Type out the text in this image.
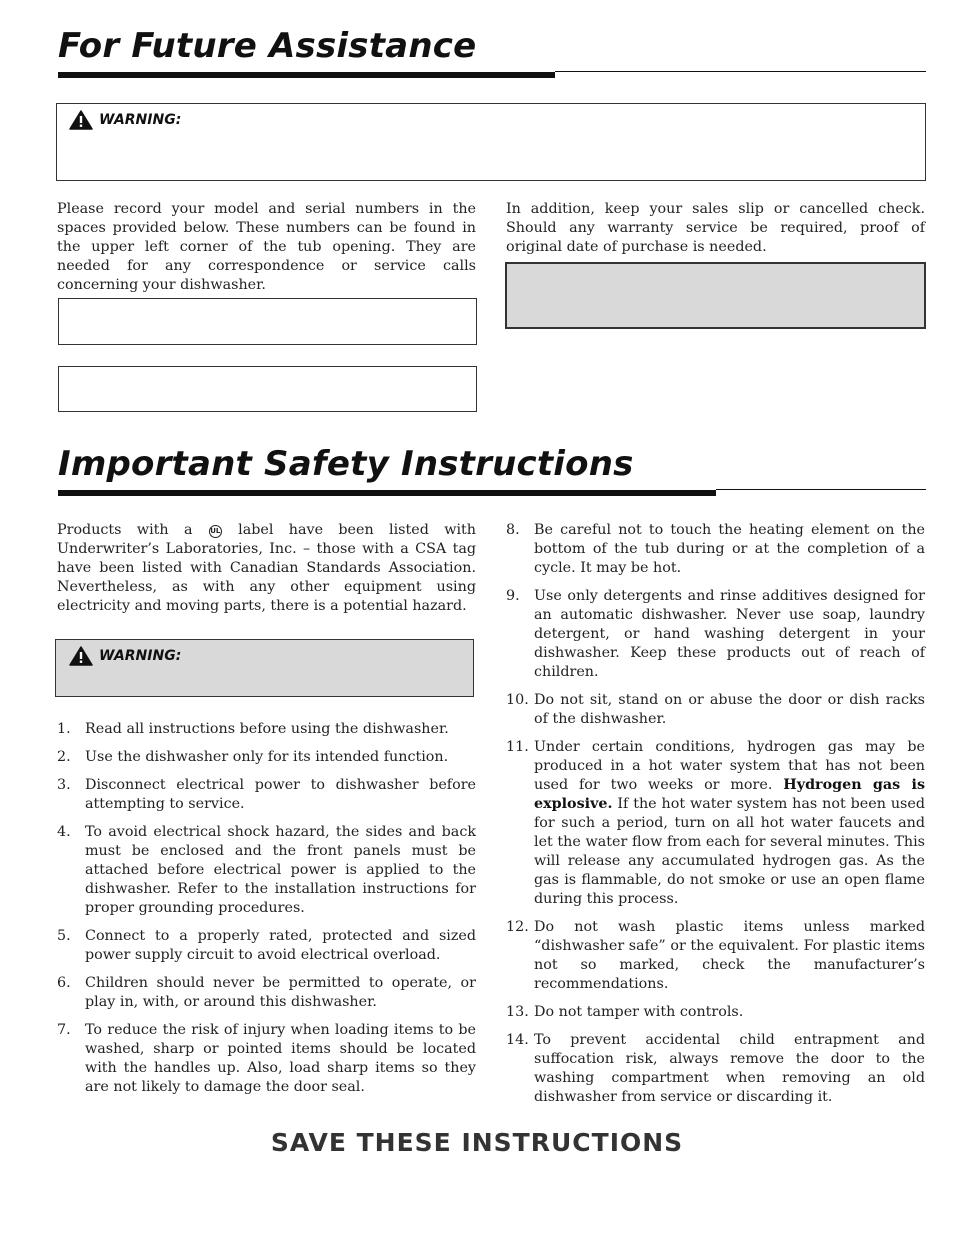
For Future Assistance
WARNING:

Please record your model and serial numbers in the spaces provided below. These numbers can be found in the upper left corner of the tub opening. They are needed for any correspondence or service calls concerning your dishwasher.

In addition, keep your sales slip or cancelled check. Should any warranty service be required, proof of original date of purchase is needed.

Important Safety Instructions

Products with a	UL label have been listed with Underwriter’s Laboratories, Inc. – those with a CSA tag have been listed with Canadian Standards Association. Nevertheless, as with any other equipment using electricity and moving parts, there is a potential hazard.

WARNING:
1. Read all instructions before using the dishwasher.
2. Use the dishwasher only for its intended function.
3. Disconnect electrical power to dishwasher before attempting to service.
4. To avoid electrical shock hazard, the sides and back must be enclosed and the front panels must be attached before electrical power is applied to the dishwasher. Refer to the installation instructions for proper grounding procedures.
5. Connect to a properly rated, protected and sized power supply circuit to avoid electrical overload.
6. Children should never be permitted to operate, or play in, with, or around this dishwasher.
7. To reduce the risk of injury when loading items to be washed, sharp or pointed items should be located with the handles up. Also, load sharp items so they are not likely to damage the door seal.
8. Be careful not to touch the heating element on the bottom of the tub during or at the completion of a cycle. It may be hot.
9. Use only detergents and rinse additives designed for an automatic dishwasher. Never use soap, laundry detergent, or hand washing detergent in your dishwasher. Keep these products out of reach of children.
10. Do not sit, stand on or abuse the door or dish racks of the dishwasher.
11. Under certain conditions, hydrogen gas may be produced in a hot water system that has not been used for two weeks or more. Hydrogen gas is explosive. If the hot water system has not been used for such a period, turn on all hot water faucets and let the water flow from each for several minutes. This will release any accumulated hydrogen gas. As the gas is flammable, do not smoke or use an open flame during this process.
12. Do not wash plastic items unless marked “dishwasher safe” or the equivalent. For plastic items not so marked, check the manufacturer’s recommendations.
13. Do not tamper with controls.
14. To prevent accidental child entrapment and suffocation risk, always remove the door to the washing compartment when removing an old dishwasher from service or discarding it.

SAVE THESE INSTRUCTIONS
